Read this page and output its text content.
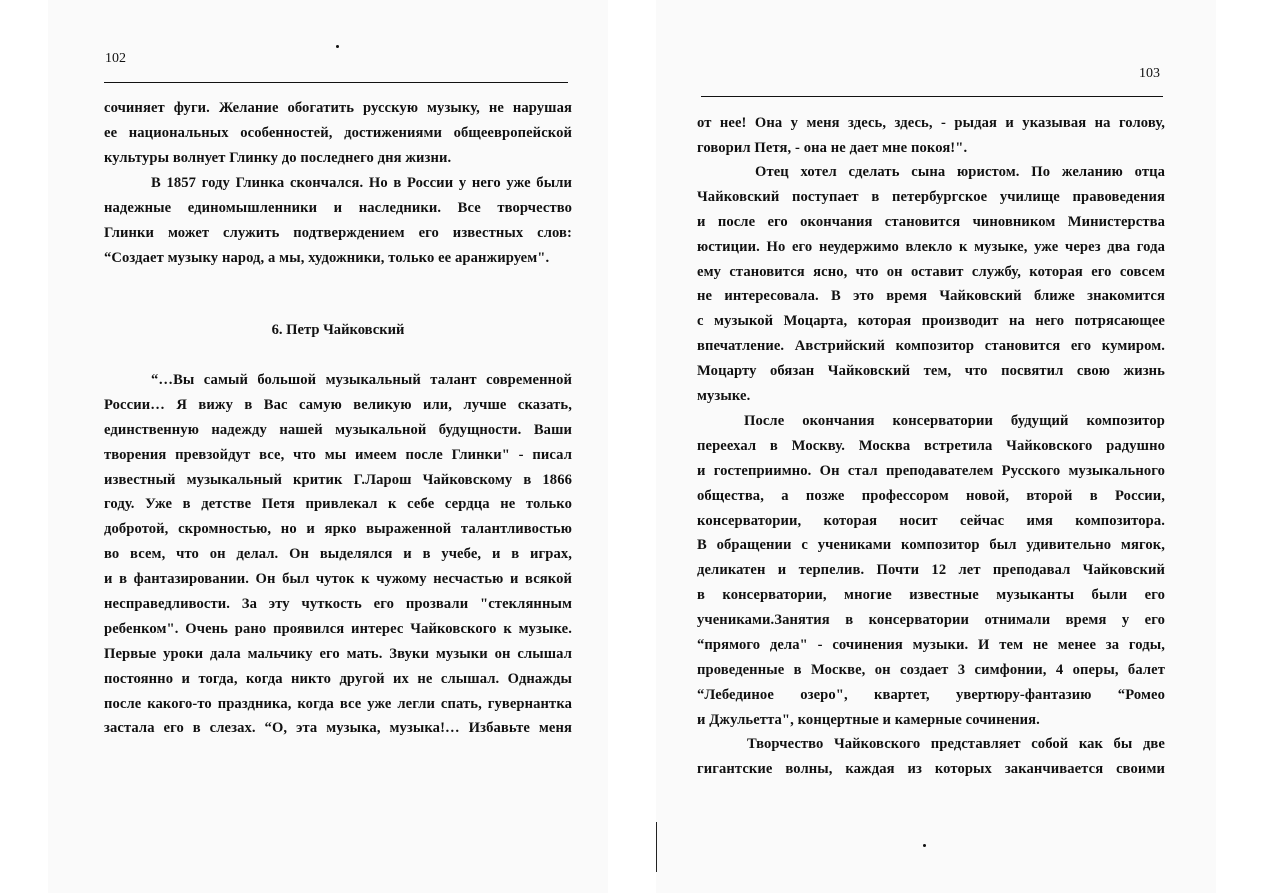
102
сочиняет фуги. Желание обогатить русскую музыку, не нарушая
ее национальных особенностей, достижениями общеевропейской
культуры волнует Глинку до последнего дня жизни.
В 1857 году Глинка скончался. Но в России у него уже были
надежные единомышленники и наследники. Все творчество
Глинки может служить подтверждением его известных слов:
“Создает музыку народ, а мы, художники, только ее аранжируем".
6. Петр Чайковский
“…Вы самый большой музыкальный талант современной
России… Я вижу в Вас самую великую или, лучше сказать,
единственную надежду нашей музыкальной будущности. Ваши
творения превзойдут все, что мы имеем после Глинки" - писал
известный музыкальный критик Г.Ларош Чайковскому в 1866
году. Уже в детстве Петя привлекал к себе сердца не только
добротой, скромностью, но и ярко выраженной талантливостью
во всем, что он делал. Он выделялся и в учебе, и в играх,
и в фантазировании. Он был чуток к чужому несчастью и всякой
несправедливости. За эту чуткость его прозвали "стеклянным
ребенком". Очень рано проявился интерес Чайковского к музыке.
Первые уроки дала мальчику его мать. Звуки музыки он слышал
постоянно и тогда, когда никто другой их не слышал. Однажды
после какого-то праздника, когда все уже легли спать, гувернантка
застала его в слезах. “О, эта музыка, музыка!… Избавьте меня
103
от нее! Она у меня здесь, здесь, - рыдая и указывая на голову,
говорил Петя, - она не дает мне покоя!".
Отец хотел сделать сына юристом. По желанию отца
Чайковский поступает в петербургское училище правоведения
и после его окончания становится чиновником Министерства
юстиции. Но его неудержимо влекло к музыке, уже через два года
ему становится ясно, что он оставит службу, которая его совсем
не интересовала. В это время Чайковский ближе знакомится
с музыкой Моцарта, которая производит на него потрясающее
впечатление. Австрийский композитор становится его кумиром.
Моцарту обязан Чайковский тем, что посвятил свою жизнь
музыке.
После окончания консерватории будущий композитор
переехал в Москву. Москва встретила Чайковского радушно
и гостеприимно. Он стал преподавателем Русского музыкального
общества, а позже профессором новой, второй в России,
консерватории, которая носит сейчас имя композитора.
В обращении с учениками композитор был удивительно мягок,
деликатен и терпелив. Почти 12 лет преподавал Чайковский
в консерватории, многие известные музыканты были его
учениками.Занятия в консерватории отнимали время у его
“прямого дела" - сочинения музыки. И тем не менее за годы,
проведенные в Москве, он создает 3 симфонии, 4 оперы, балет
“Лебединое озеро", квартет, увертюру-фантазию “Ромео
и Джульетта", концертные и камерные сочинения.
Творчество Чайковского представляет собой как бы две
гигантские волны, каждая из которых заканчивается своими
